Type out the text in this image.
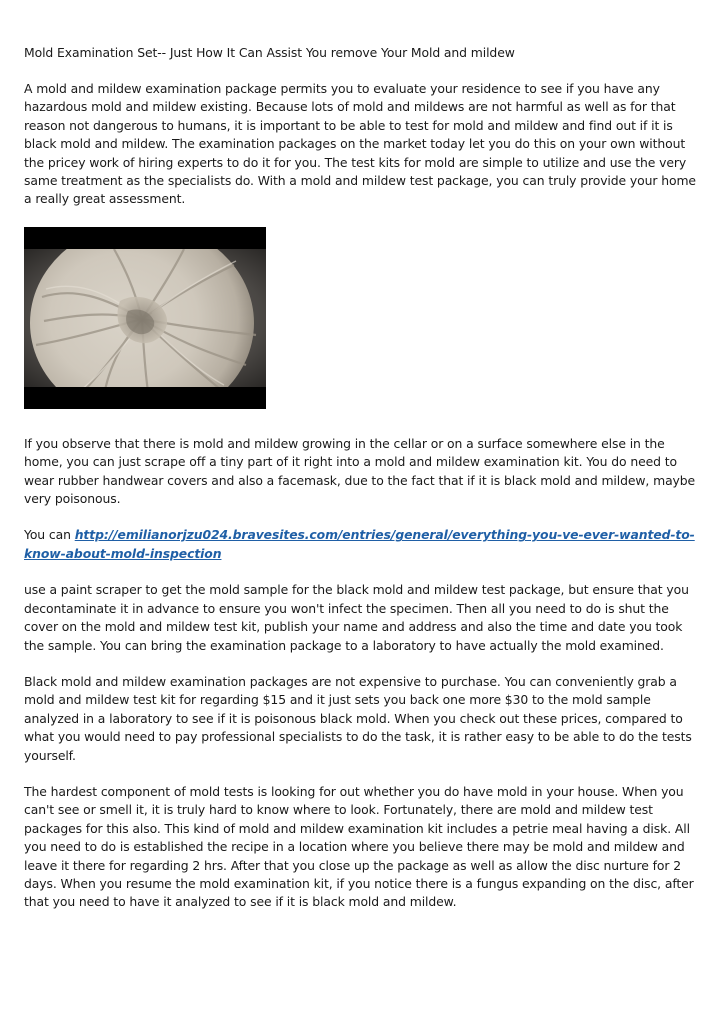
Mold Examination Set-- Just How It Can Assist You remove Your Mold and mildew

A mold and mildew examination package permits you to evaluate your residence to see if you have any hazardous mold and mildew existing. Because lots of mold and mildews are not harmful as well as for that reason not dangerous to humans, it is important to be able to test for mold and mildew and find out if it is black mold and mildew. The examination packages on the market today let you do this on your own without the pricey work of hiring experts to do it for you. The test kits for mold are simple to utilize and use the very same treatment as the specialists do. With a mold and mildew test package, you can truly provide your home a really great assessment.

If you observe that there is mold and mildew growing in the cellar or on a surface somewhere else in the home, you can just scrape off a tiny part of it right into a mold and mildew examination kit. You do need to wear rubber handwear covers and also a facemask, due to the fact that if it is black mold and mildew, maybe very poisonous.

You can http://emilianorjzu024.bravesites.com/entries/general/everything-you-ve-ever-wanted-to-know-about-mold-inspection

use a paint scraper to get the mold sample for the black mold and mildew test package, but ensure that you decontaminate it in advance to ensure you won't infect the specimen. Then all you need to do is shut the cover on the mold and mildew test kit, publish your name and address and also the time and date you took the sample. You can bring the examination package to a laboratory to have actually the mold examined.

Black mold and mildew examination packages are not expensive to purchase. You can conveniently grab a mold and mildew test kit for regarding $15 and it just sets you back one more $30 to the mold sample analyzed in a laboratory to see if it is poisonous black mold. When you check out these prices, compared to what you would need to pay professional specialists to do the task, it is rather easy to be able to do the tests yourself.

The hardest component of mold tests is looking for out whether you do have mold in your house. When you can't see or smell it, it is truly hard to know where to look. Fortunately, there are mold and mildew test packages for this also. This kind of mold and mildew examination kit includes a petrie meal having a disk. All you need to do is established the recipe in a location where you believe there may be mold and mildew and leave it there for regarding 2 hrs. After that you close up the package as well as allow the disc nurture for 2 days. When you resume the mold examination kit, if you notice there is a fungus expanding on the disc, after that you need to have it analyzed to see if it is black mold and mildew.
